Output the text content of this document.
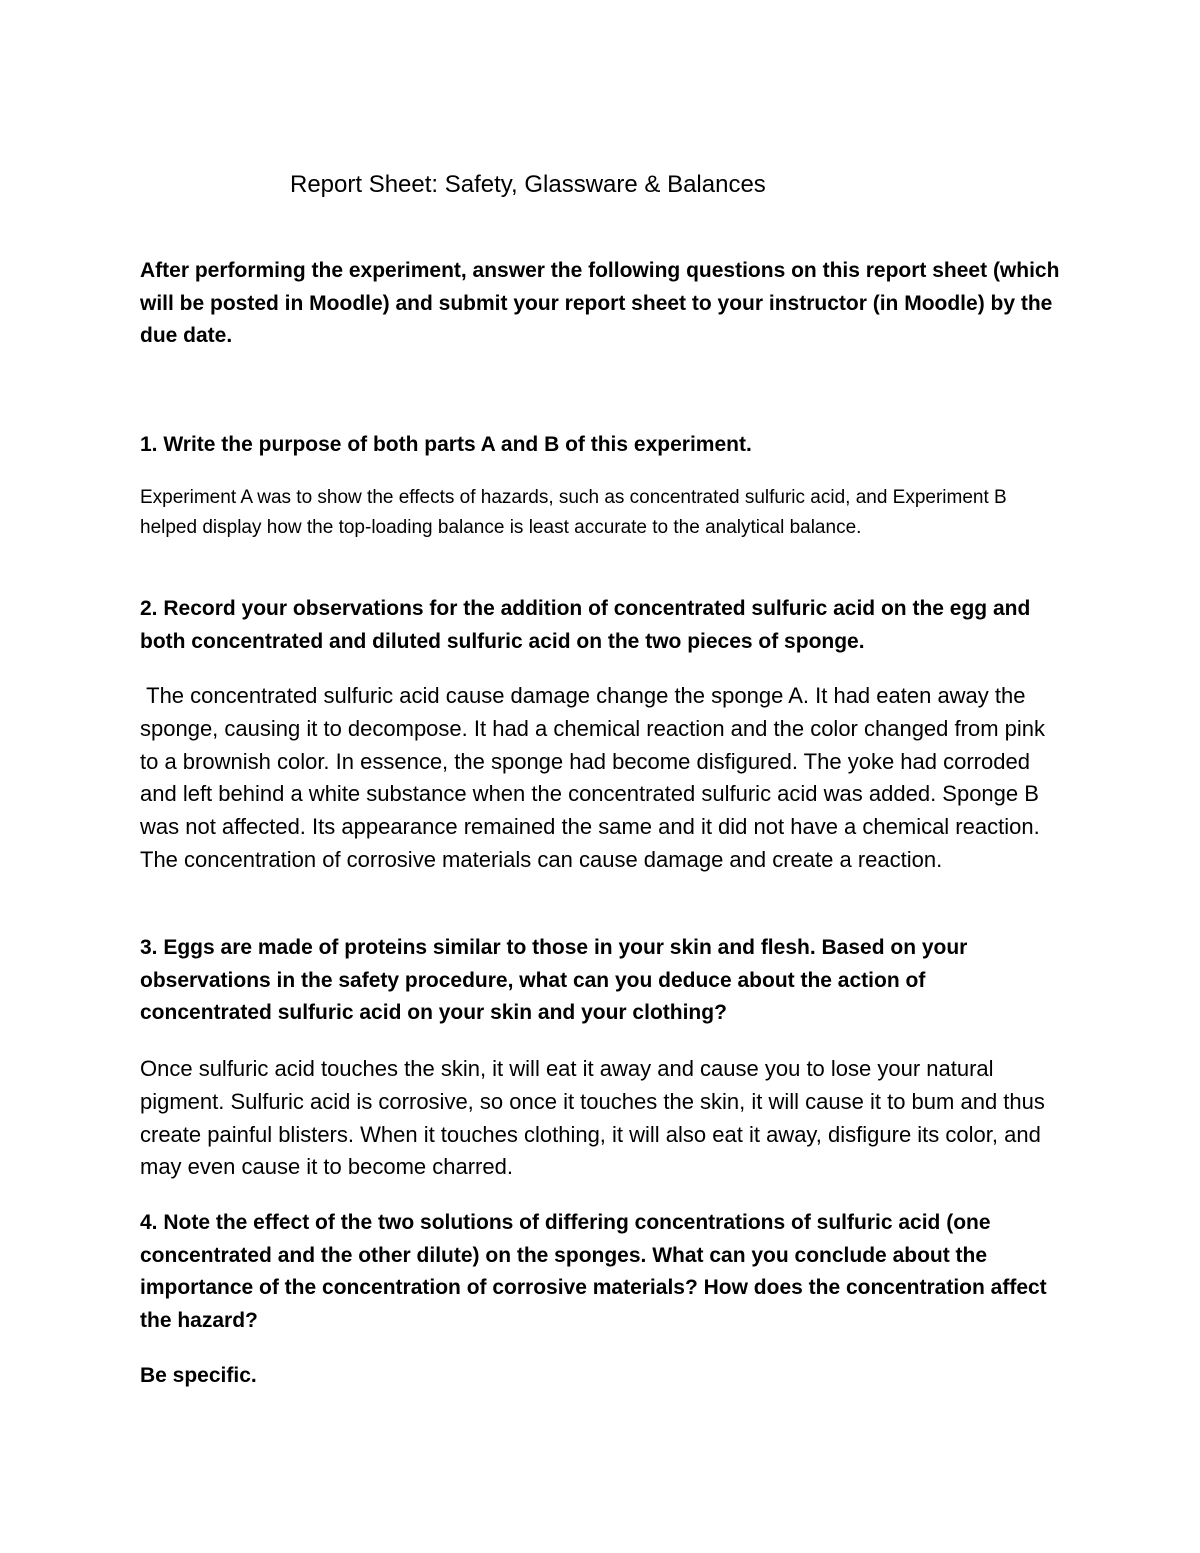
Report Sheet: Safety, Glassware & Balances

After performing the experiment, answer the following questions on this report sheet (which will be posted in Moodle) and submit your report sheet to your instructor (in Moodle) by the due date.

1. Write the purpose of both parts A and B of this experiment.

Experiment A was to show the effects of hazards, such as concentrated sulfuric acid, and Experiment B helped display how the top-loading balance is least accurate to the analytical balance.

2. Record your observations for the addition of concentrated sulfuric acid on the egg and both concentrated and diluted sulfuric acid on the two pieces of sponge.

The concentrated sulfuric acid cause damage change the sponge A. It had eaten away the sponge, causing it to decompose. It had a chemical reaction and the color changed from pink to a brownish color. In essence, the sponge had become disfigured. The yoke had corroded and left behind a white substance when the concentrated sulfuric acid was added. Sponge B was not affected. Its appearance remained the same and it did not have a chemical reaction. The concentration of corrosive materials can cause damage and create a reaction.

3. Eggs are made of proteins similar to those in your skin and flesh. Based on your observations in the safety procedure, what can you deduce about the action of concentrated sulfuric acid on your skin and your clothing?

Once sulfuric acid touches the skin, it will eat it away and cause you to lose your natural pigment. Sulfuric acid is corrosive, so once it touches the skin, it will cause it to bum and thus create painful blisters. When it touches clothing, it will also eat it away, disfigure its color, and may even cause it to become charred.

4. Note the effect of the two solutions of differing concentrations of sulfuric acid (one concentrated and the other dilute) on the sponges. What can you conclude about the importance of the concentration of corrosive materials? How does the concentration affect the hazard?

Be specific.
